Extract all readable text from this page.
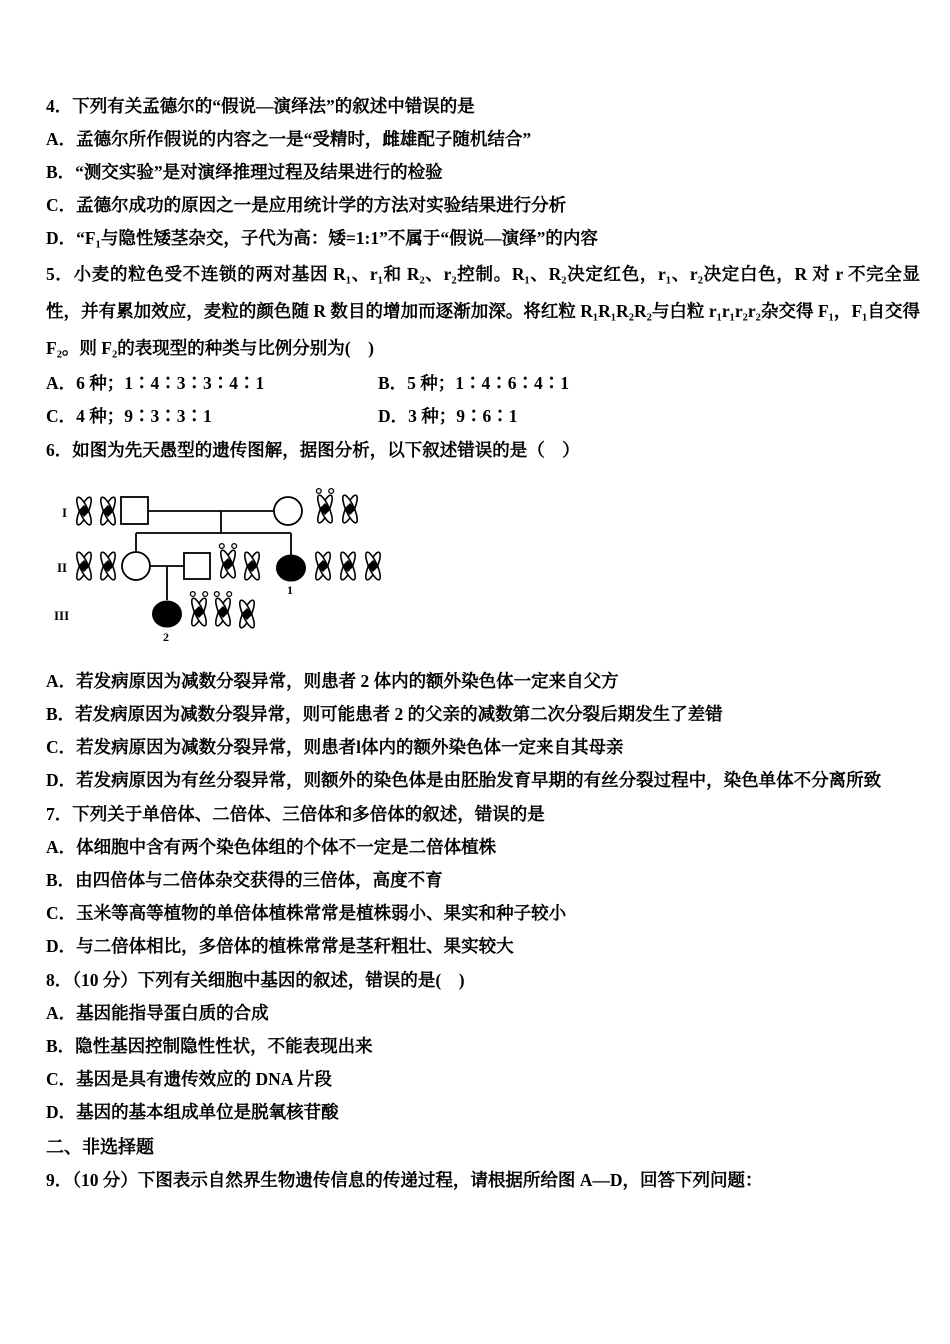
4．下列有关孟德尔的“假说—演绎法”的叙述中错误的是
A．孟德尔所作假说的内容之一是“受精时，雌雄配子随机结合”
B．“测交实验”是对演绎推理过程及结果进行的检验
C．孟德尔成功的原因之一是应用统计学的方法对实验结果进行分析
D．“F₁与隐性矮茎杂交，子代为高：矮=1:1”不属于“假说—演绎”的内容
5．小麦的粒色受不连锁的两对基因 R₁、r₁和 R₂、r₂控制。R₁、R₂决定红色，r₁、r₂决定白色，R 对 r 不完全显性，并有累加效应，麦粒的颜色随 R 数目的增加而逐渐加深。将红粒 R₁R₁R₂R₂与白粒 r₁r₁r₂r₂杂交得 F₁，F₁自交得 F₂。则 F₂的表现型的种类与比例分别为(　)
A．6 种；1∶4∶3∶3∶4∶1	B．5 种；1∶4∶6∶4∶1
C．4 种；9∶3∶3∶1	D．3 种；9∶6∶1
6．如图为先天愚型的遗传图解，据图分析，以下叙述错误的是（　）
I
II
III
1
2
A．若发病原因为减数分裂异常，则患者 2 体内的额外染色体一定来自父方
B．若发病原因为减数分裂异常，则可能患者 2 的父亲的减数第二次分裂后期发生了差错
C．若发病原因为减数分裂异常，则患者l体内的额外染色体一定来自其母亲
D．若发病原因为有丝分裂异常，则额外的染色体是由胚胎发育早期的有丝分裂过程中，染色单体不分离所致
7．下列关于单倍体、二倍体、三倍体和多倍体的叙述，错误的是
A．体细胞中含有两个染色体组的个体不一定是二倍体植株
B．由四倍体与二倍体杂交获得的三倍体，高度不育
C．玉米等高等植物的单倍体植株常常是植株弱小、果实和种子较小
D．与二倍体相比，多倍体的植株常常是茎秆粗壮、果实较大
8．（10 分）下列有关细胞中基因的叙述，错误的是(　)
A．基因能指导蛋白质的合成
B．隐性基因控制隐性性状，不能表现出来
C．基因是具有遗传效应的 DNA 片段
D．基因的基本组成单位是脱氧核苷酸
二、非选择题
9．（10 分）下图表示自然界生物遗传信息的传递过程，请根据所给图 A—D，回答下列问题：
